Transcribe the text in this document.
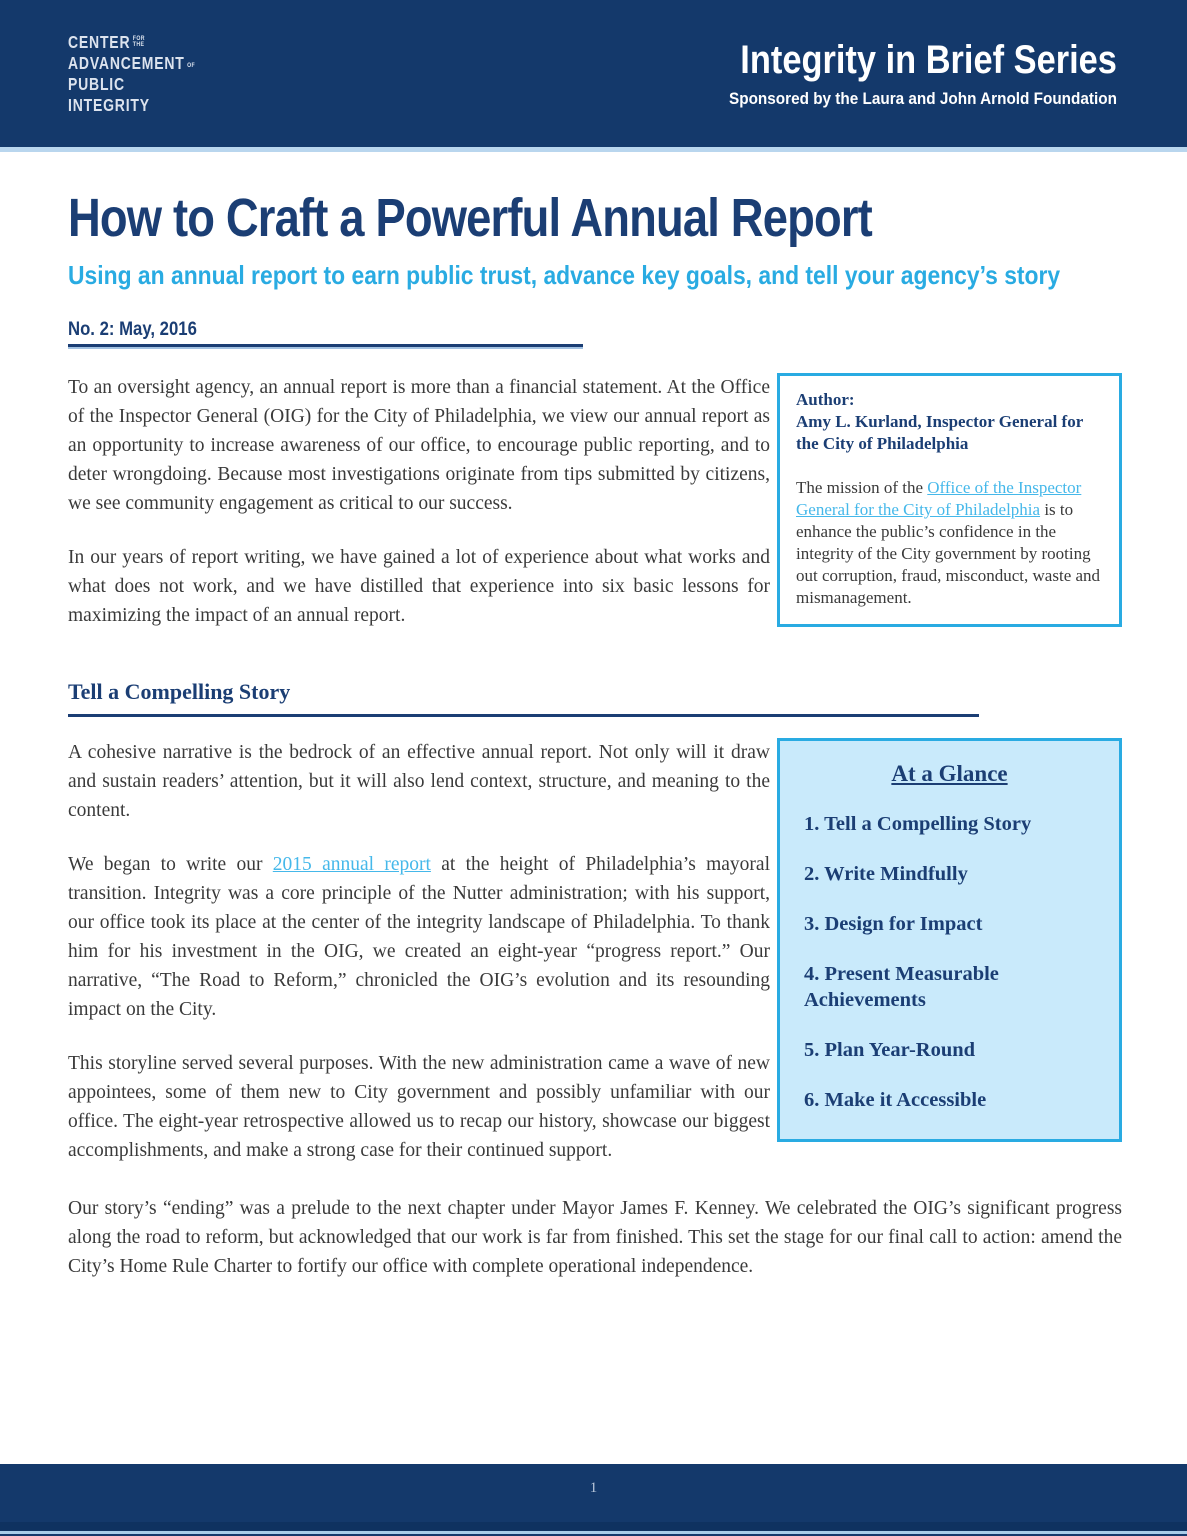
CENTER FOR THE
ADVANCEMENT OF
PUBLIC
INTEGRITY
Integrity in Brief Series
Sponsored by the Laura and John Arnold Foundation
How to Craft a Powerful Annual Report
Using an annual report to earn public trust, advance key goals, and tell your agency’s story
No. 2: May, 2016

To an oversight agency, an annual report is more than a financial statement. At the Office of the Inspector General (OIG) for the City of Philadelphia, we view our annual report as an opportunity to increase awareness of our office, to encourage public reporting, and to deter wrongdoing. Because most investigations originate from tips submitted by citizens, we see community engagement as critical to our success.

In our years of report writing, we have gained a lot of experience about what works and what does not work, and we have distilled that experience into six basic lessons for maximizing the impact of an annual report.

Author:
Amy L. Kurland, Inspector General for the City of Philadelphia
The mission of the Office of the Inspector General for the City of Philadelphia is to enhance the public’s confidence in the integrity of the City government by rooting out corruption, fraud, misconduct, waste and mismanagement.
Tell a Compelling Story

A cohesive narrative is the bedrock of an effective annual report. Not only will it draw and sustain readers’ attention, but it will also lend context, structure, and meaning to the content.

We began to write our 2015 annual report at the height of Philadelphia’s mayoral transition. Integrity was a core principle of the Nutter administration; with his support, our office took its place at the center of the integrity landscape of Philadelphia. To thank him for his investment in the OIG, we created an eight-year “progress report.” Our narrative, “The Road to Reform,” chronicled the OIG’s evolution and its resounding impact on the City.

This storyline served several purposes. With the new administration came a wave of new appointees, some of them new to City government and possibly unfamiliar with our office. The eight-year retrospective allowed us to recap our history, showcase our biggest accomplishments, and make a strong case for their continued support.

At a Glance
1. Tell a Compelling Story
2. Write Mindfully
3. Design for Impact
4. Present Measurable Achievements
5. Plan Year-Round
6. Make it Accessible

Our story’s “ending” was a prelude to the next chapter under Mayor James F. Kenney. We celebrated the OIG’s significant progress along the road to reform, but acknowledged that our work is far from finished. This set the stage for our final call to action: amend the City’s Home Rule Charter to fortify our office with complete operational independence.

1
